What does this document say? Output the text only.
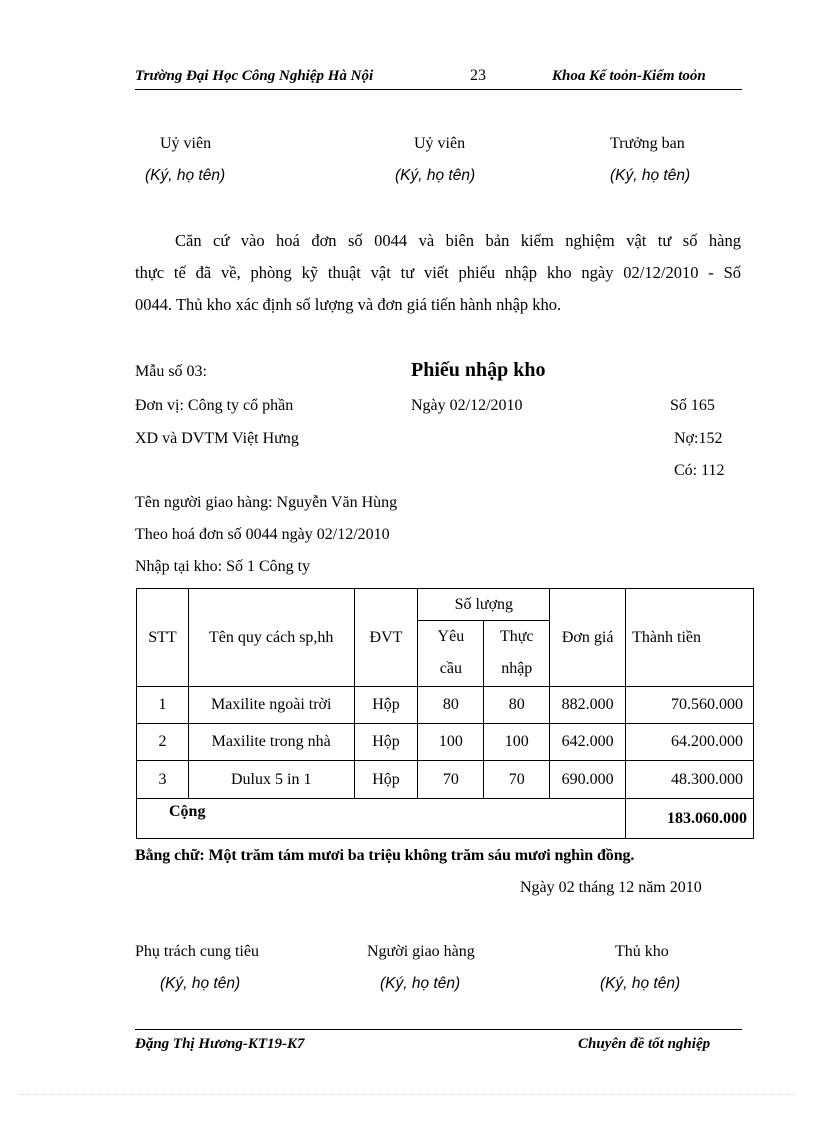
Trường Đại Học Công Nghiệp Hà Nội	23	Khoa Kế toỏn-Kiểm toỏn
Uỷ viên
(Ký, họ tên)
Uỷ viên
(Ký, họ tên)
Trưởng ban
(Ký, họ tên)
Căn cứ vào hoá đơn số 0044 và biên bản kiểm nghiệm vật tư số hàng
thực tế đã về, phòng kỹ thuật vật tư viết phiếu nhập kho ngày 02/12/2010 - Số
0044. Thủ kho xác định số lượng và đơn giá tiến hành nhập kho.
Mẫu số 03:	Phiếu nhập kho
Đơn vị: Công ty cổ phần	Ngày 02/12/2010	Số 165
XD và DVTM Việt Hưng	Nợ:152
Có: 112
Tên người giao hàng: Nguyễn Văn Hùng
Theo hoá đơn số 0044 ngày 02/12/2010
Nhập tại kho: Số 1 Công ty
STT	Tên quy cách sp,hh	ĐVT	Số lượng		Đơn giá	Thành tiền
			Yêu	Thực		
			cầu	nhập		
1	Maxilite ngoài trời	Hộp	80	80	882.000	70.560.000
2	Maxilite trong nhà	Hộp	100	100	642.000	64.200.000
3	Dulux 5 in 1	Hộp	70	70	690.000	48.300.000
Cộng						183.060.000
Bằng chữ: Một trăm tám mươi ba triệu không trăm sáu mươi nghìn đồng.
Ngày 02 tháng 12 năm 2010
Phụ trách cung tiêu
(Ký, họ tên)
Người giao hàng
(Ký, họ tên)
Thủ kho
(Ký, họ tên)
Đặng Thị Hương-KT19-K7	Chuyên đề tốt nghiệp
